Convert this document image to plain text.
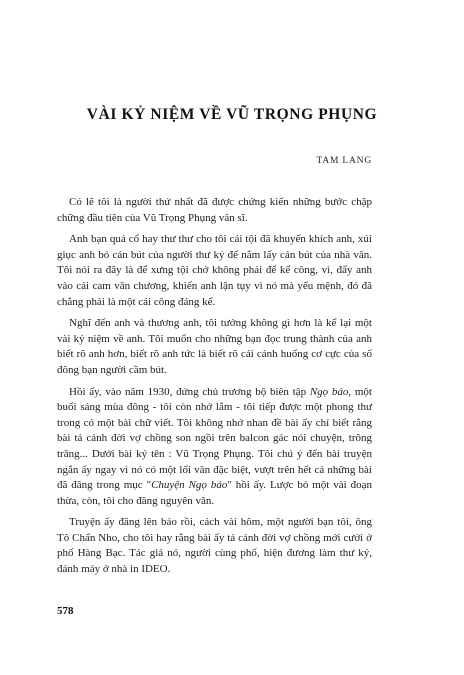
VÀI KỶ NIỆM VỀ VŨ TRỌNG PHỤNG
TAM LANG

Có lẽ tôi là người thứ nhất đã được chứng kiến những bước chập chững đầu tiên của Vũ Trọng Phụng văn sĩ.

Anh bạn quá cố hay thư thư cho tôi cái tội đã khuyến khích anh, xúi giục anh bỏ cán bút của người thư ký để nắm lấy cán bút của nhà văn. Tôi nói ra đây là để xưng tội chớ không phải để kể công, vì, đẩy anh vào cái cam văn chương, khiến anh lận tụy vì nó mà yểu mệnh, đó đã chẳng phải là một cái công đáng kể.

Nghĩ đến anh và thương anh, tôi tưởng không gì hơn là kể lại một vài kỷ niệm về anh. Tôi muốn cho những bạn đọc trung thành của anh biết rõ anh hơn, biết rõ anh tức là biết rõ cái cảnh huống cơ cực của số đông bạn người cầm bút.

Hồi ấy, vào năm 1930, đứng chủ trương bộ biên tập Ngọ báo, một buổi sáng mùa đông - tôi còn nhớ lắm - tôi tiếp được một phong thư trong có một bài chữ viết. Tôi không nhớ nhan đề bài ấy chỉ biết rằng bài tả cảnh đời vợ chồng son ngồi trên balcon gác nói chuyện, trông trăng... Dưới bài ký tên : Vũ Trọng Phụng. Tôi chú ý đến bài truyện ngắn ấy ngay vì nó có một lối văn đặc biệt, vượt trên hết cả những bài đã đăng trong mục "Chuyện Ngọ báo" hồi ấy. Lược bỏ một vài đoạn thừa, còn, tôi cho đăng nguyên văn.

Truyện ấy đăng lên báo rồi, cách vài hôm, một người bạn tôi, ông Tô Chấn Nho, cho tôi hay rằng bài ấy tả cảnh đời vợ chồng mới cưới ở phố Hàng Bạc. Tác giả nó, người cùng phố, hiện đương làm thư ký, đánh máy ở nhà in IDEO.

578
